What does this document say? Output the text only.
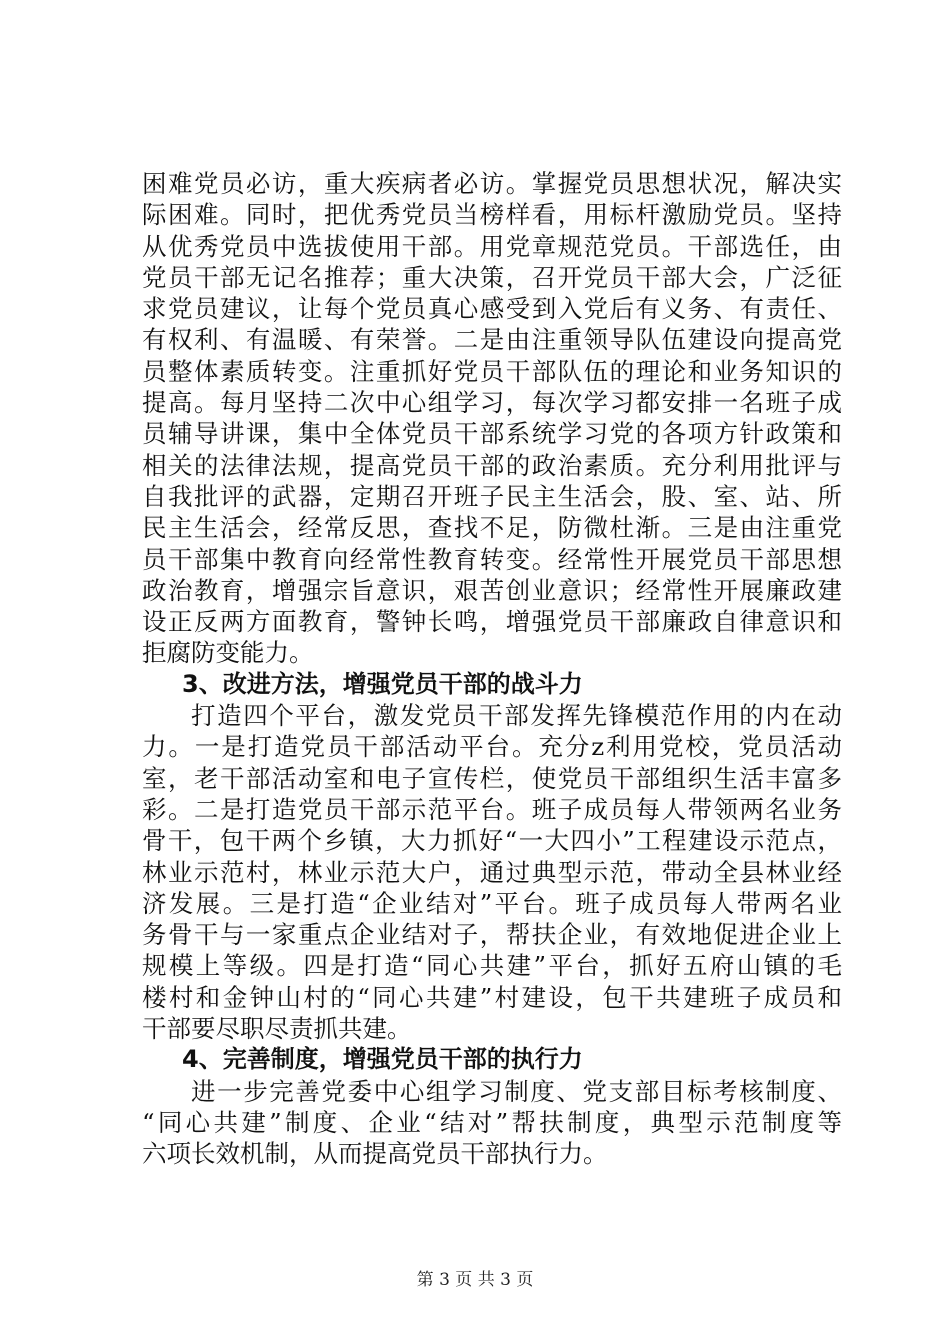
困难党员必访，重大疾病者必访。掌握党员思想状况，解决实
际困难。同时，把优秀党员当榜样看，用标杆激励党员。坚持
从优秀党员中选拔使用干部。用党章规范党员。干部选任，由
党员干部无记名推荐；重大决策，召开党员干部大会，广泛征
求党员建议，让每个党员真心感受到入党后有义务、有责任、
有权利、有温暖、有荣誉。二是由注重领导队伍建设向提高党
员整体素质转变。注重抓好党员干部队伍的理论和业务知识的
提高。每月坚持二次中心组学习，每次学习都安排一名班子成
员辅导讲课，集中全体党员干部系统学习党的各项方针政策和
相关的法律法规，提高党员干部的政治素质。充分利用批评与
自我批评的武器，定期召开班子民主生活会，股、室、站、所
民主生活会，经常反思，查找不足，防微杜渐。三是由注重党
员干部集中教育向经常性教育转变。经常性开展党员干部思想
政治教育，增强宗旨意识，艰苦创业意识；经常性开展廉政建
设正反两方面教育，警钟长鸣，增强党员干部廉政自律意识和
拒腐防变能力。
3、改进方法，增强党员干部的战斗力
打造四个平台，激发党员干部发挥先锋模范作用的内在动
力。一是打造党员干部活动平台。充分z利用党校，党员活动
室，老干部活动室和电子宣传栏，使党员干部组织生活丰富多
彩。二是打造党员干部示范平台。班子成员每人带领两名业务
骨干，包干两个乡镇，大力抓好“一大四小”工程建设示范点，
林业示范村，林业示范大户，通过典型示范，带动全县林业经
济发展。三是打造“企业结对”平台。班子成员每人带两名业
务骨干与一家重点企业结对子，帮扶企业，有效地促进企业上
规模上等级。四是打造“同心共建”平台，抓好五府山镇的毛
楼村和金钟山村的“同心共建”村建设，包干共建班子成员和
干部要尽职尽责抓共建。
4、完善制度，增强党员干部的执行力
进一步完善党委中心组学习制度、党支部目标考核制度、
“同心共建”制度、企业“结对”帮扶制度，典型示范制度等
六项长效机制，从而提高党员干部执行力。
第 3 页 共 3 页
